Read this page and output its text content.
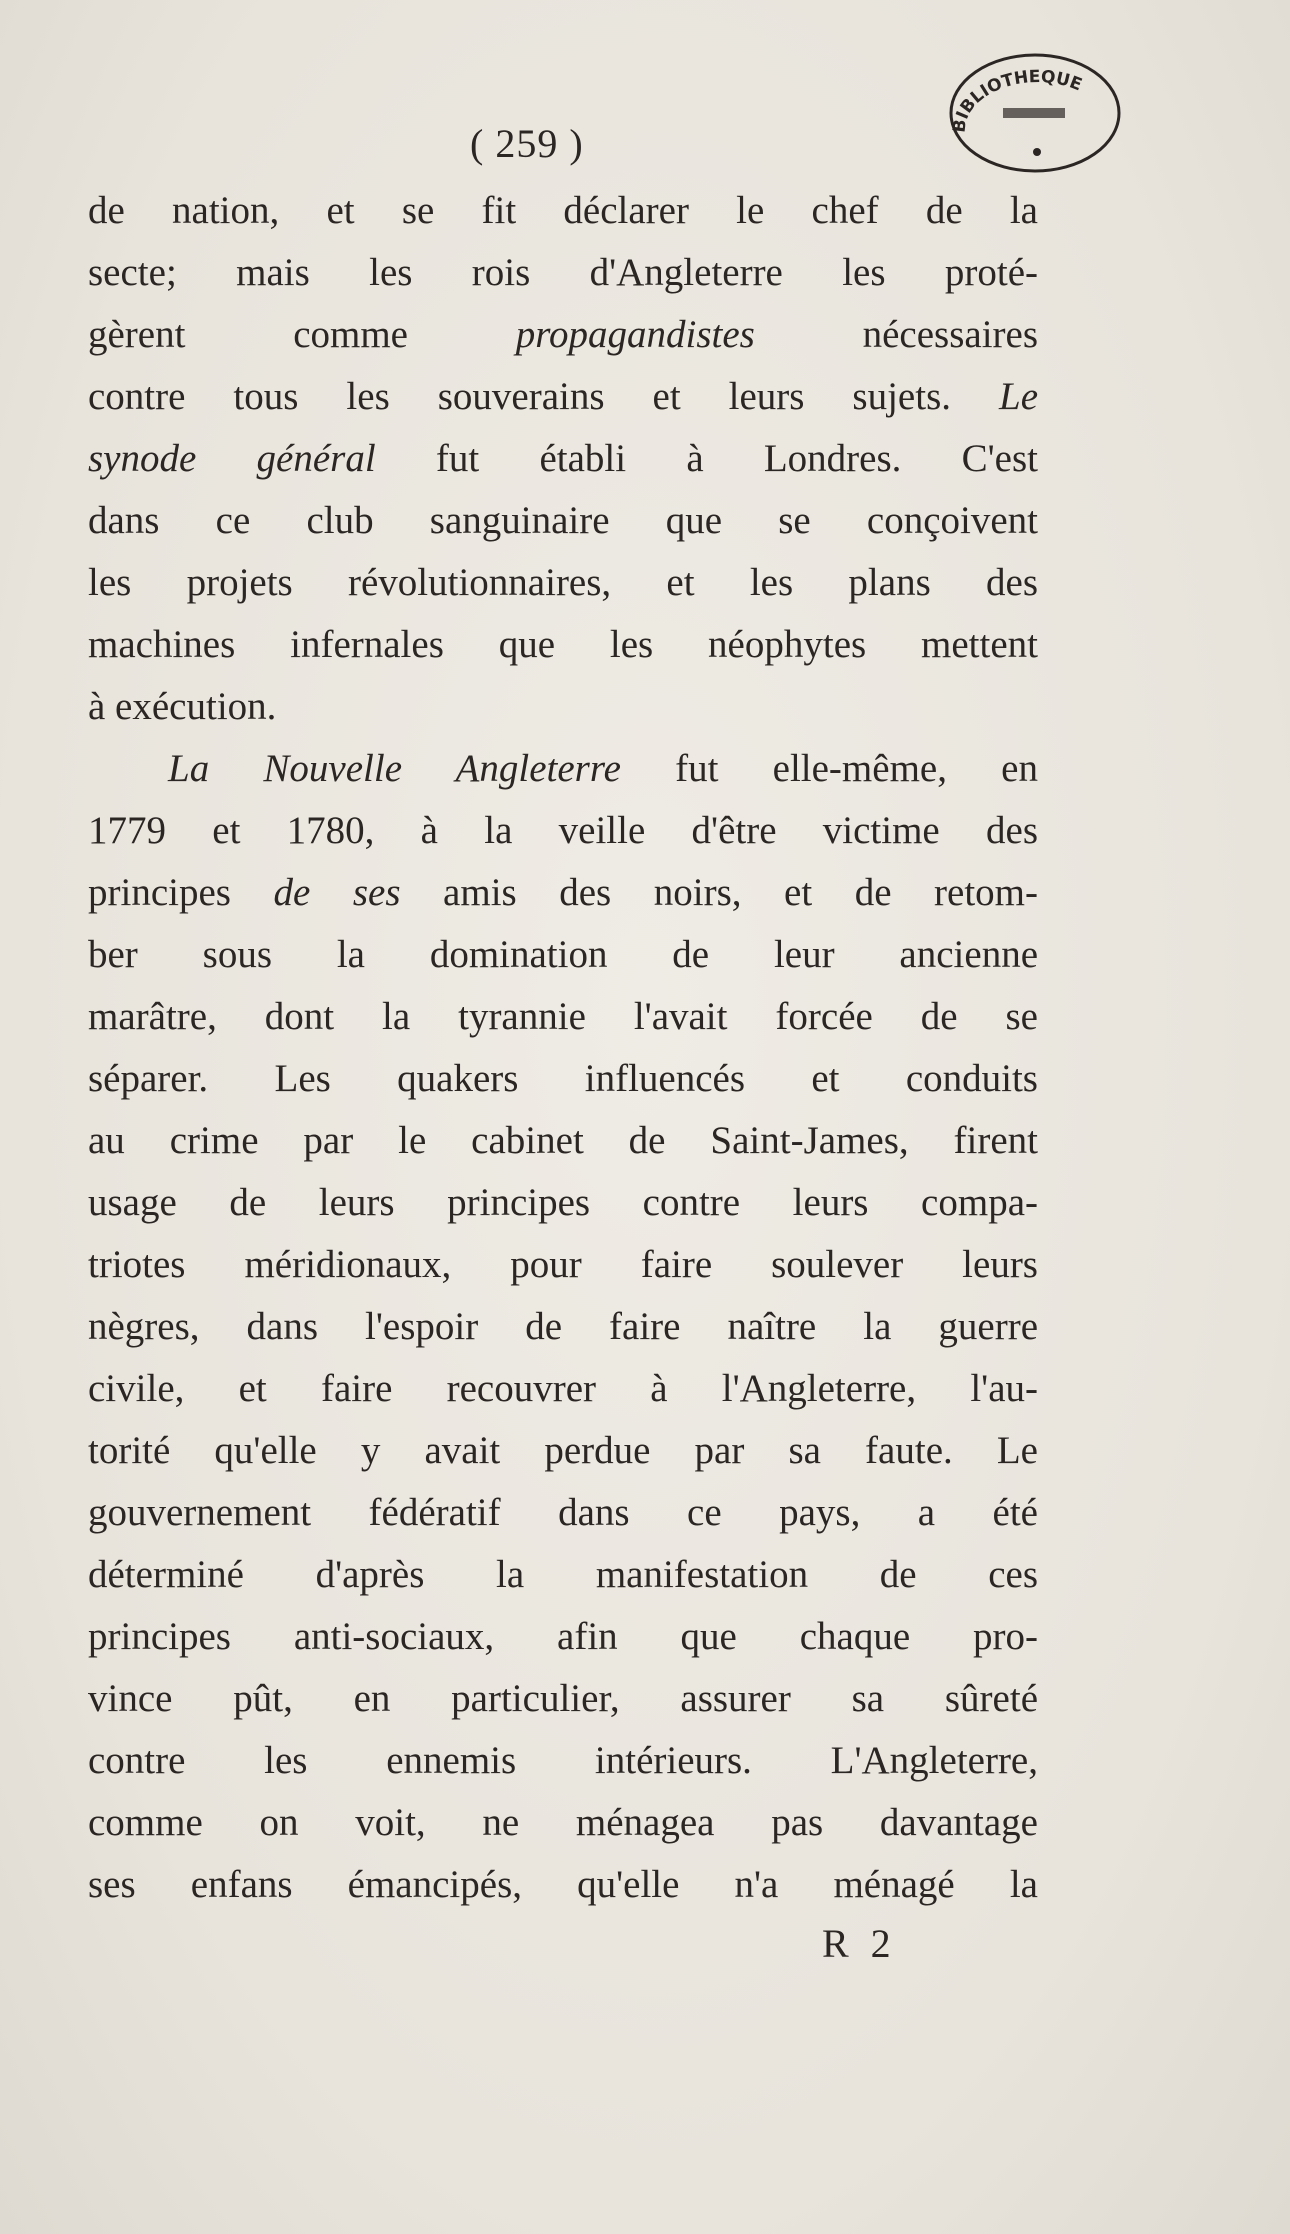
( 259 )	BIBLIOTHEQUE
de nation, et se fit déclarer le chef de la
secte; mais les rois d'Angleterre les proté-
gèrent comme propagandistes nécessaires
contre tous les souverains et leurs sujets. Le
synode général fut établi à Londres. C'est
dans ce club sanguinaire que se conçoivent
les projets révolutionnaires, et les plans des
machines infernales que les néophytes mettent
à exécution.
La Nouvelle Angleterre fut elle-même, en
1779 et 1780, à la veille d'être victime des
principes de ses amis des noirs, et de retom-
ber sous la domination de leur ancienne
marâtre, dont la tyrannie l'avait forcée de se
séparer. Les quakers influencés et conduits
au crime par le cabinet de Saint-James, firent
usage de leurs principes contre leurs compa-
triotes méridionaux, pour faire soulever leurs
nègres, dans l'espoir de faire naître la guerre
civile, et faire recouvrer à l'Angleterre, l'au-
torité qu'elle y avait perdue par sa faute. Le
gouvernement fédératif dans ce pays, a été
déterminé d'après la manifestation de ces
principes anti-sociaux, afin que chaque pro-
vince pût, en particulier, assurer sa sûreté
contre les ennemis intérieurs. L'Angleterre,
comme on voit, ne ménagea pas davantage
ses enfans émancipés, qu'elle n'a ménagé la
R 2
